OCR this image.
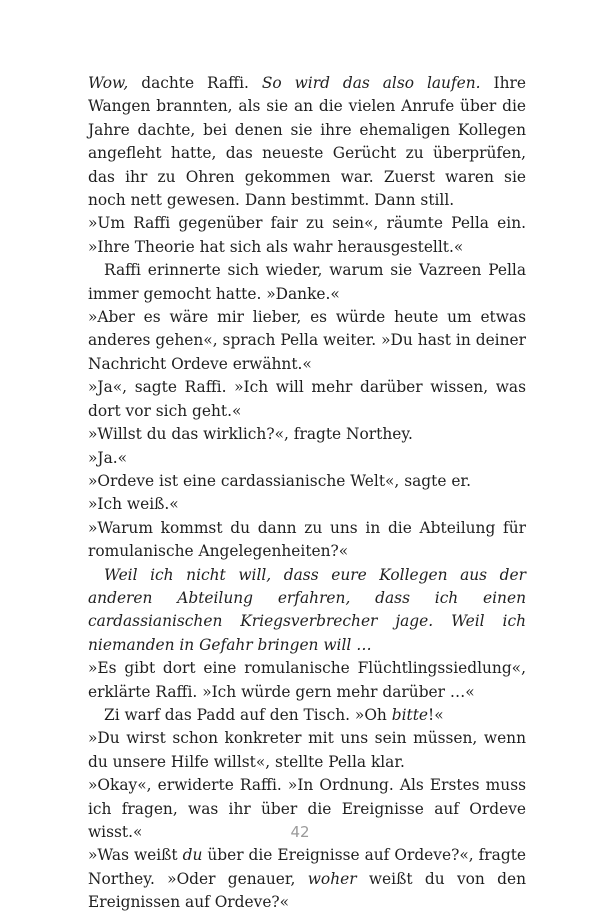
Wow, dachte Raffi. So wird das also laufen. Ihre Wangen brannten, als sie an die vielen Anrufe über die Jahre dachte, bei denen sie ihre ehemaligen Kollegen angefleht hatte, das neueste Gerücht zu überprüfen, das ihr zu Ohren gekommen war. Zuerst waren sie noch nett gewesen. Dann bestimmt. Dann still.

»Um Raffi gegenüber fair zu sein«, räumte Pella ein. »Ihre Theorie hat sich als wahr herausgestellt.«

Raffi erinnerte sich wieder, warum sie Vazreen Pella immer gemocht hatte. »Danke.«

»Aber es wäre mir lieber, es würde heute um etwas anderes gehen«, sprach Pella weiter. »Du hast in deiner Nachricht Ordeve erwähnt.«

»Ja«, sagte Raffi. »Ich will mehr darüber wissen, was dort vor sich geht.«

»Willst du das wirklich?«, fragte Northey.

»Ja.«

»Ordeve ist eine cardassianische Welt«, sagte er.

»Ich weiß.«

»Warum kommst du dann zu uns in die Abteilung für romulanische Angelegenheiten?«

Weil ich nicht will, dass eure Kollegen aus der anderen Abteilung erfahren, dass ich einen cardassianischen Kriegsverbrecher jage. Weil ich niemanden in Gefahr bringen will …

»Es gibt dort eine romulanische Flüchtlingssiedlung«, erklärte Raffi. »Ich würde gern mehr darüber …«

Zi warf das Padd auf den Tisch. »Oh bitte!«

»Du wirst schon konkreter mit uns sein müssen, wenn du unsere Hilfe willst«, stellte Pella klar.

»Okay«, erwiderte Raffi. »In Ordnung. Als Erstes muss ich fragen, was ihr über die Ereignisse auf Ordeve wisst.«

»Was weißt du über die Ereignisse auf Ordeve?«, fragte Northey. »Oder genauer, woher weißt du von den Ereignissen auf Ordeve?«

42
